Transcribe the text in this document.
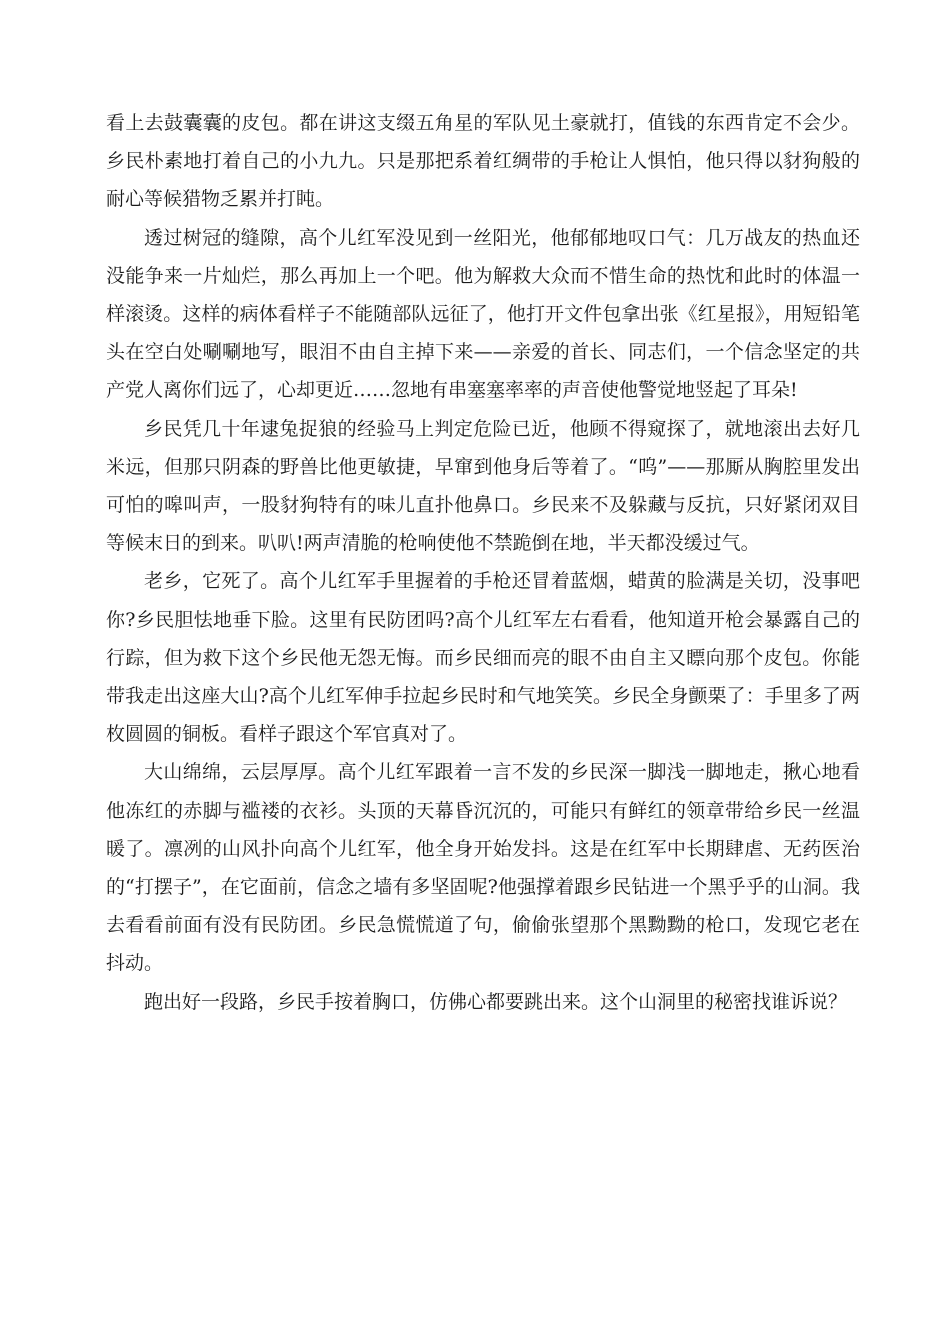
看上去鼓囊囊的皮包。都在讲这支缀五角星的军队见土豪就打，值钱的东西肯定不会少。乡民朴素地打着自己的小九九。只是那把系着红绸带的手枪让人惧怕，他只得以豺狗般的耐心等候猎物乏累并打盹。

透过树冠的缝隙，高个儿红军没见到一丝阳光，他郁郁地叹口气：几万战友的热血还没能争来一片灿烂，那么再加上一个吧。他为解救大众而不惜生命的热忱和此时的体温一样滚烫。这样的病体看样子不能随部队远征了，他打开文件包拿出张《红星报》，用短铅笔头在空白处唰唰地写，眼泪不由自主掉下来——亲爱的首长、同志们，一个信念坚定的共产党人离你们远了，心却更近……忽地有串塞塞率率的声音使他警觉地竖起了耳朵!

乡民凭几十年逮兔捉狼的经验马上判定危险已近，他顾不得窥探了，就地滚出去好几米远，但那只阴森的野兽比他更敏捷，早窜到他身后等着了。“呜”——那厮从胸腔里发出可怕的嗥叫声，一股豺狗特有的味儿直扑他鼻口。乡民来不及躲藏与反抗，只好紧闭双目等候末日的到来。叭叭!两声清脆的枪响使他不禁跪倒在地，半天都没缓过气。

老乡，它死了。高个儿红军手里握着的手枪还冒着蓝烟，蜡黄的脸满是关切，没事吧你?乡民胆怯地垂下脸。这里有民防团吗?高个儿红军左右看看，他知道开枪会暴露自己的行踪，但为救下这个乡民他无怨无悔。而乡民细而亮的眼不由自主又瞟向那个皮包。你能带我走出这座大山?高个儿红军伸手拉起乡民时和气地笑笑。乡民全身颤栗了：手里多了两枚圆圆的铜板。看样子跟这个军官真对了。

大山绵绵，云层厚厚。高个儿红军跟着一言不发的乡民深一脚浅一脚地走，揪心地看他冻红的赤脚与褴褛的衣衫。头顶的天幕昏沉沉的，可能只有鲜红的领章带给乡民一丝温暖了。凛冽的山风扑向高个儿红军，他全身开始发抖。这是在红军中长期肆虐、无药医治的“打摆子”，在它面前，信念之墙有多坚固呢?他强撑着跟乡民钻进一个黑乎乎的山洞。我去看看前面有没有民防团。乡民急慌慌道了句，偷偷张望那个黑黝黝的枪口，发现它老在抖动。

跑出好一段路，乡民手按着胸口，仿佛心都要跳出来。这个山洞里的秘密找谁诉说？
